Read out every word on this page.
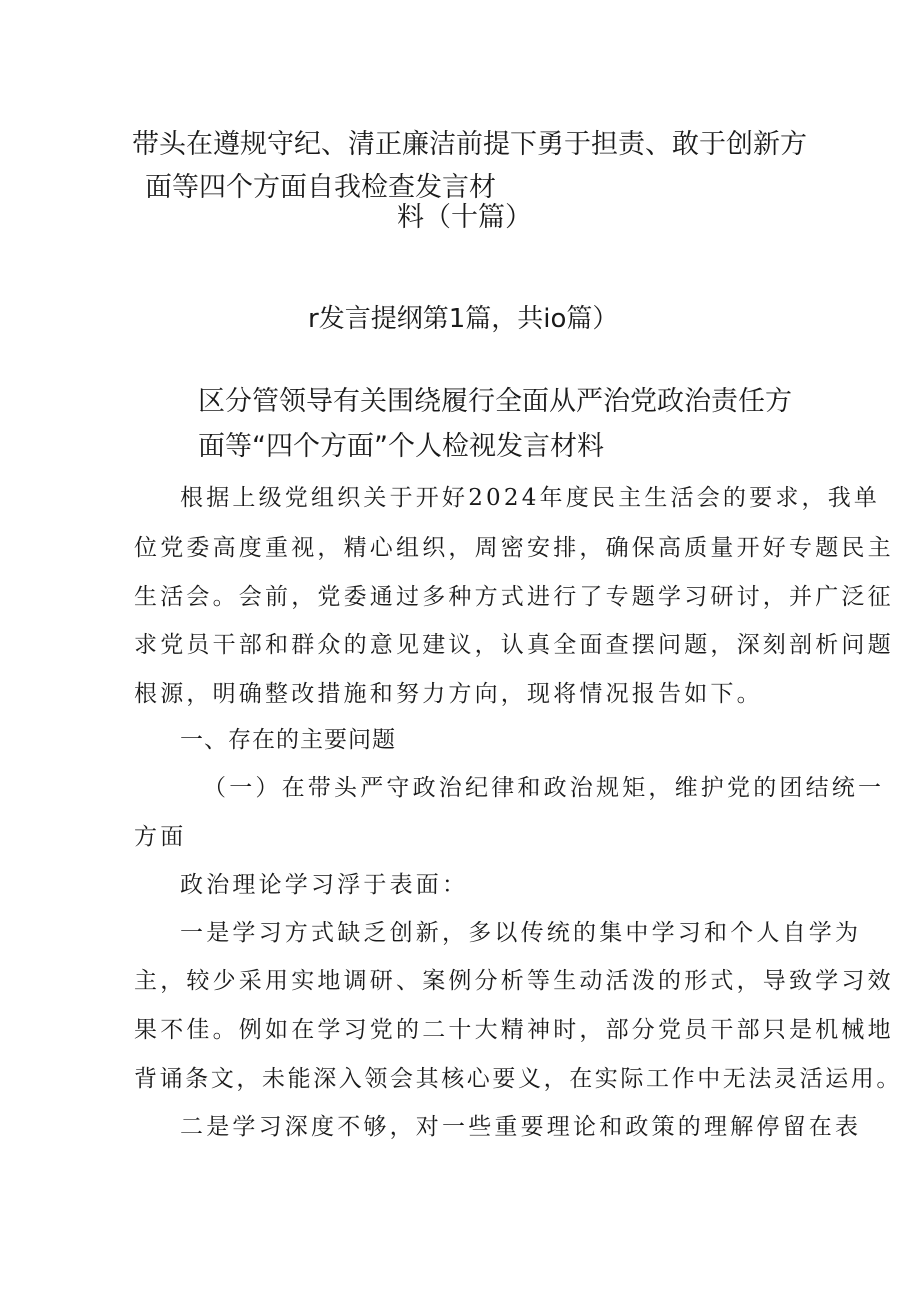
带头在遵规守纪、清正廉洁前提下勇于担责、敢于创新方
面等四个方面自我检查发言材
料（十篇）
r发言提纲第1篇，共io篇）
区分管领导有关围绕履行全面从严治党政治责任方
面等“四个方面”个人检视发言材料
根据上级党组织关于开好2024年度民主生活会的要求，我单
位党委高度重视，精心组织，周密安排，确保高质量开好专题民主
生活会。会前，党委通过多种方式进行了专题学习研讨，并广泛征
求党员干部和群众的意见建议，认真全面查摆问题，深刻剖析问题
根源，明确整改措施和努力方向，现将情况报告如下。
一、存在的主要问题
（一）在带头严守政治纪律和政治规矩，维护党的团结统一
方面
政治理论学习浮于表面：
一是学习方式缺乏创新，多以传统的集中学习和个人自学为
主，较少采用实地调研、案例分析等生动活泼的形式，导致学习效
果不佳。例如在学习党的二十大精神时，部分党员干部只是机械地
背诵条文，未能深入领会其核心要义，在实际工作中无法灵活运用。
二是学习深度不够，对一些重要理论和政策的理解停留在表
